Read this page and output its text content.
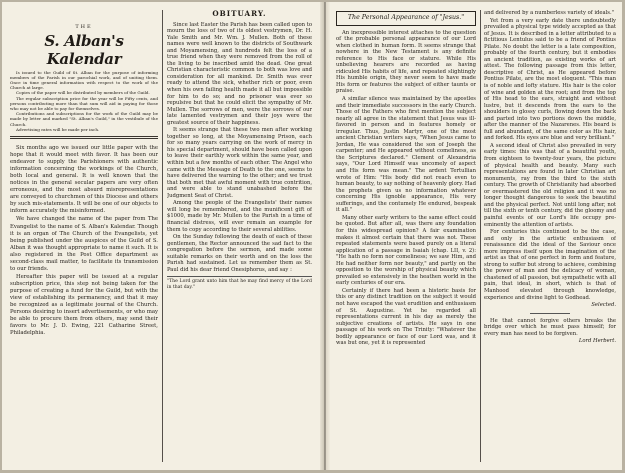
THE
S. Alban's Kalendar

Is issued to the Guild of St. Alban for the purpose of informing members of the Parish in our parochial work, and of uniting them. Once in time general information with respect to the work of the Church at large.

Copies of the paper will be distributed by members of the Guild.

The regular subscription price for the year will be Fifty cents, and persons contributing more than that sum will aid in paying for those who may not be able to pay for themselves.

Contributions and subscriptions for the work of the Guild may be made by letter and marked "St. Alban's Guild," in the vestibule of the Church.

Advertising rates will be made per inch.

Six months ago we issued our little paper with the hope that it would meet with favor. It has been our endeavor to supply the Parishioners with authentic information concerning the workings of the Church, both local and general. It is well known that the notices in the general secular papers are very often erroneous, and the most absurd misrepresentations are conveyed to churchmen of this Diocese and others by such mis-statements. It will be one of our objects to inform accurately the misinformed.

We have changed the name of the paper from The Evangelist to the name of S. Alban's Kalendar. Though it is an organ of The Church of the Evangelists, yet being published under the auspices of the Guild of S. Alban it was thought appropriate to name it such. It is also registered in the Post Office department as second-class mail matter, to facilitate its transmission to our friends.

Hereafter this paper will be issued at a regular subscription price, this step not being taken for the purpose of creating a fund for the Guild, but with the view of establishing its permanency, and that it may be recognized as a legitimate journal of the Church. Persons desiring to insert advertisements, or who may be able to procure them from others, may send their favors to Mr. J. D. Ewing, 221 Catharine Street, Philadelphia.

OBITUARY.

Since last Easter the Parish has been called upon to mourn the loss of two of its oldest vestrymen, Dr. H. Yale Smith and Mr. Wm. J. Mullen. Both of these names were well known to the districts of Southwark and Moyamensing, and hundreds felt the loss of a true friend when they were removed from the roll of the living to be inscribed amid the dead. One great Christian characteristic common to both was love and consideration for all mankind. Dr. Smith was ever ready to attend the sick, whether rich or poor, even when his own failing health made it all but impossible for him to do so; and no prisoner was ever so repulsive but that he could elicit the sympathy of Mr. Mullen. The sorrows of men, were the sorrows of our late lamented vestrymen and their joys were the greatest source of their happiness.

It seems strange that these two men after working together so long, at the Moyamensing Prison, each for so many years carrying on the work of mercy in his special department, should have been called upon to leave their earthly work within the same year, and within but a few months of each other. The Angel who came with the Message of Death to the one, seems to have delivered the warning to the other; and we trust that both met that awful moment with true contrition, and were able to stand unabashed before the Judgment Seat of Christ.

Among the people of the Evangelists' their names will long be remembered, and the munificent gift of $1000, made by Mr. Mullen to the Parish in a time of financial distress, will ever remain an example for them to copy according to their several abilities.

On the Sunday following the death of each of these gentlemen, the Rector announced the sad fact to the congregation before the sermon, and made some suitable remarks on their worth and on the loss the Parish had sustained. Let us remember them as St. Paul did his dear friend Onesiphorus, and say :

"The Lord grant unto him that he may find mercy of the Lord in that day."
The Personal Appearance of "Jesus."

An inexpressible interest attaches to the question of the probable personal appearance of our Lord when clothed in human form. It seems strange that nowhere in the New Testament is any definite reference to His face or stature. While His unbelieving hearers are recorded as having ridiculed His habits of life, and repeated slightingly His humble origin, they never seem to have made His form or features the subject of either taunts or praise.

A similar silence was maintained by the apostles and their immediate successors in the early Church. Those of the Fathers who first mention the subject nearly all agree in the statement that Jesus was ill-favored in person and in features homely or irregular. Thus, Justin Martyr, one of the most ancient Christian writers says, "When Jesus came to Jordan, He was considered the son of Joseph the carpenter; and He appeared without comeliness, as the Scriptures declared." Clement of Alexandria says, "Our Lord Himself was uncomely of aspect and His form was mean." The ardent Tertullian wrote of Him: "His body did not reach even to human beauty, to say nothing of heavenly glory. Had the prophets given us no information whatever concerning His ignoble appearance, His very sufferings, and the contumely He endured, bespeak it all."

Many other early writers to the same effect could be quoted. But after all, was there any foundation for this widespread opinion? A fair examination makes it almost certain that there was not. These repeated statements were based purely on a literal application of a passage in Isaiah (chap. LII, v. 2): "He hath no form nor comeliness; we saw Him, and He had neither form nor beauty," and partly on the opposition to the worship of physical beauty which prevailed so extensively in the heathen world in the early centuries of our era.

Certainly if there had been a historic basis for this or any distinct tradition on the subject it would not have escaped the vast erudition and enthusiasm of St. Augustine. Yet he regarded all representations current in his day as merely the subjective creations of artists. He says in one passage of his work on The Trinity: "Whatever the bodily appearance or face of our Lord was, and it was but one, yet it is represented

and delivered by a numberless variety of ideals."

Yet from a very early date there undoubtedly prevailed a physical type widely accepted as that of Jesus. It is described in a letter attributed to a fictitious Lentulus said to be a friend of Pontius Pilate. No doubt the letter is a late composition, probably of the fourth century, but it embodies an ancient tradition, as existing works of art attest. The following passage from this letter, descriptive of Christ, as He appeared before Pontius Pilate, are the most eloquent. "This man is of noble and lofty stature. His hair is the color of wine and golden at the root; and from the top of His head to the ears, straight and without lustre, but it descends from the ears to the shoulders in glossy curls, flowing down the back and parted into two portions down the middle, after the manner of the Nazarenes. His beard is full and abundant, of the same color as His hair, and forked. His eyes are blue and very brilliant."

A second ideal of Christ also prevailed in very early times: this was that of a beautiful youth, from eighteen to twenty-four years, the picture of physical health and beauty. Many such representations are found in later Christian art monuments, ray from the third to the sixth century. The growth of Christianity had absorbed or overmastered the old religion and it was no longer thought dangerous to seek the beautiful and the physical perfect. Not until long after, not till the sixth or tenth century, did the gloomy and painful events of our Lord's life occupy pre-eminently the attention of artists.

For centuries this continued to be the case, and only in the artistic enthusiasm of renaissance did the ideal of the Saviour once more impress itself upon the imagination of the artist as that of one perfect in form and feature, strong to suffer but strong to achieve, combining the power of man and the delicacy of woman, chastened of all passion, but sympathetic with all pain, that ideal, in short, which is that of Manhood elevated through knowledge, experience and divine light to Godhead.

Selected.

He that cannot forgive others breaks the bridge over which he must pass himself; for every man has need to be forgiven.

Lord Herbert.
